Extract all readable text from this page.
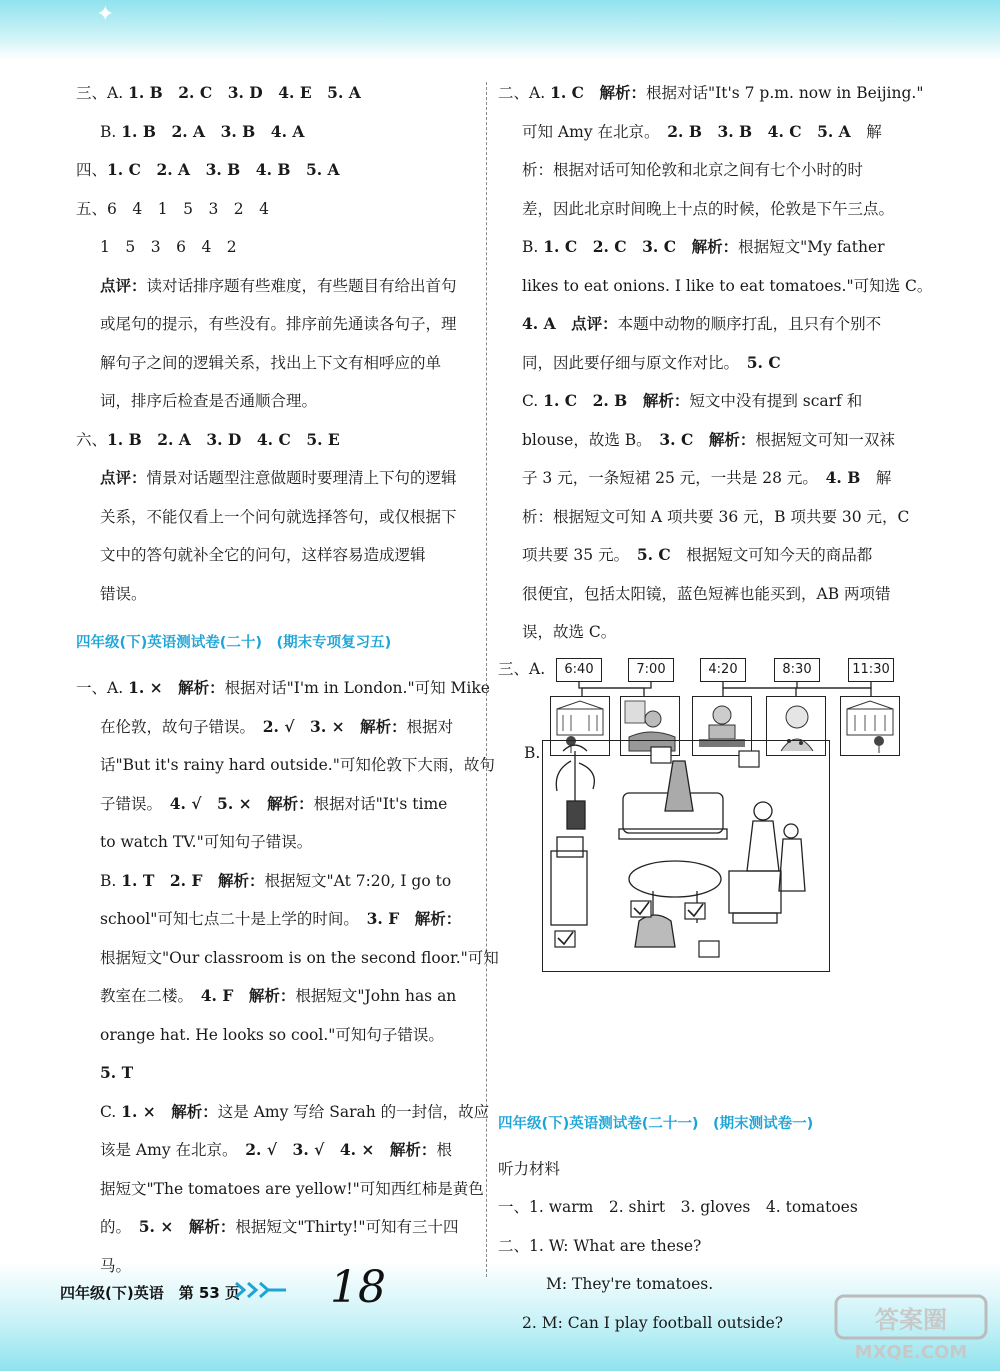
✦
三、A. 1. B　 2. C　 3. D　 4. E　 5. A
B. 1. B　 2. A　 3. B　 4. A
四、1. C　 2. A　 3. B　 4. B　 5. A
五、6　4　1　5　3　2　4
1　5　3　6　4　2
点评：读对话排序题有些难度，有些题目有给出首句
或尾句的提示，有些没有。排序前先通读各句子，理
解句子之间的逻辑关系，找出上下文有相呼应的单
词，排序后检查是否通顺合理。
六、1. B　 2. A　 3. D　 4. C　 5. E
点评：情景对话题型注意做题时要理清上下句的逻辑
关系，不能仅看上一个问句就选择答句，或仅根据下
文中的答句就补全它的问句，这样容易造成逻辑
错误。
四年级(下)英语测试卷(二十)　(期末专项复习五)
一、A. 1. ×　 解析：根据对话"I'm in London."可知 Mike
在伦敦，故句子错误。　2. √　 3. ×　 解析：根据对
话"But it's rainy hard outside."可知伦敦下大雨，故句
子错误。　4. √　 5. ×　 解析：根据对话"It's time
to watch TV."可知句子错误。
B. 1. T　 2. F　 解析：根据短文"At 7:20, I go to
school"可知七点二十是上学的时间。　3. F　 解析：
根据短文"Our classroom is on the second floor."可知
教室在二楼。　4. F　 解析：根据短文"John has an
orange hat. He looks so cool."可知句子错误。
5. T
C. 1. ×　 解析：这是 Amy 写给 Sarah 的一封信，故应
该是 Amy 在北京。　2. √　 3. √　 4. ×　 解析：根
据短文"The tomatoes are yellow!"可知西红柿是黄色
的。　5. ×　 解析：根据短文"Thirty!"可知有三十四
马。
二、A. 1. C　 解析：根据对话"It's 7 p.m. now in Beijing."
可知 Amy 在北京。　2. B　 3. B　 4. C　 5. A　解
析：根据对话可知伦敦和北京之间有七个小时的时
差，因此北京时间晚上十点的时候，伦敦是下午三点。
B. 1. C　 2. C　 3. C　 解析：根据短文"My father
likes to eat onions. I like to eat tomatoes."可知选 C。
4. A　 点评：本题中动物的顺序打乱，且只有个别不
同，因此要仔细与原文作对比。　5. C
C. 1. C　 2. B　 解析：短文中没有提到 scarf 和
blouse，故选 B。　3. C　 解析：根据短文可知一双袜
子 3 元，一条短裙 25 元，一共是 28 元。　4. B　解
析：根据短文可知 A 项共要 36 元，B 项共要 30 元，C
项共要 35 元。　5. C　根据短文可知今天的商品都
很便宜，包括太阳镜，蓝色短裤也能买到，AB 两项错
误，故选 C。
三、A.	6:40	7:00	4:20	8:30	11:30
B.
四年级(下)英语测试卷(二十一)　(期末测试卷一)
听力材料
一、1. warm　2. shirt　3. gloves　4. tomatoes
二、1. W: What are these?
M: They're tomatoes.
2. M: Can I play football outside?
四年级(下)英语　第 53 页 18
答案圈
MXQE.COM
